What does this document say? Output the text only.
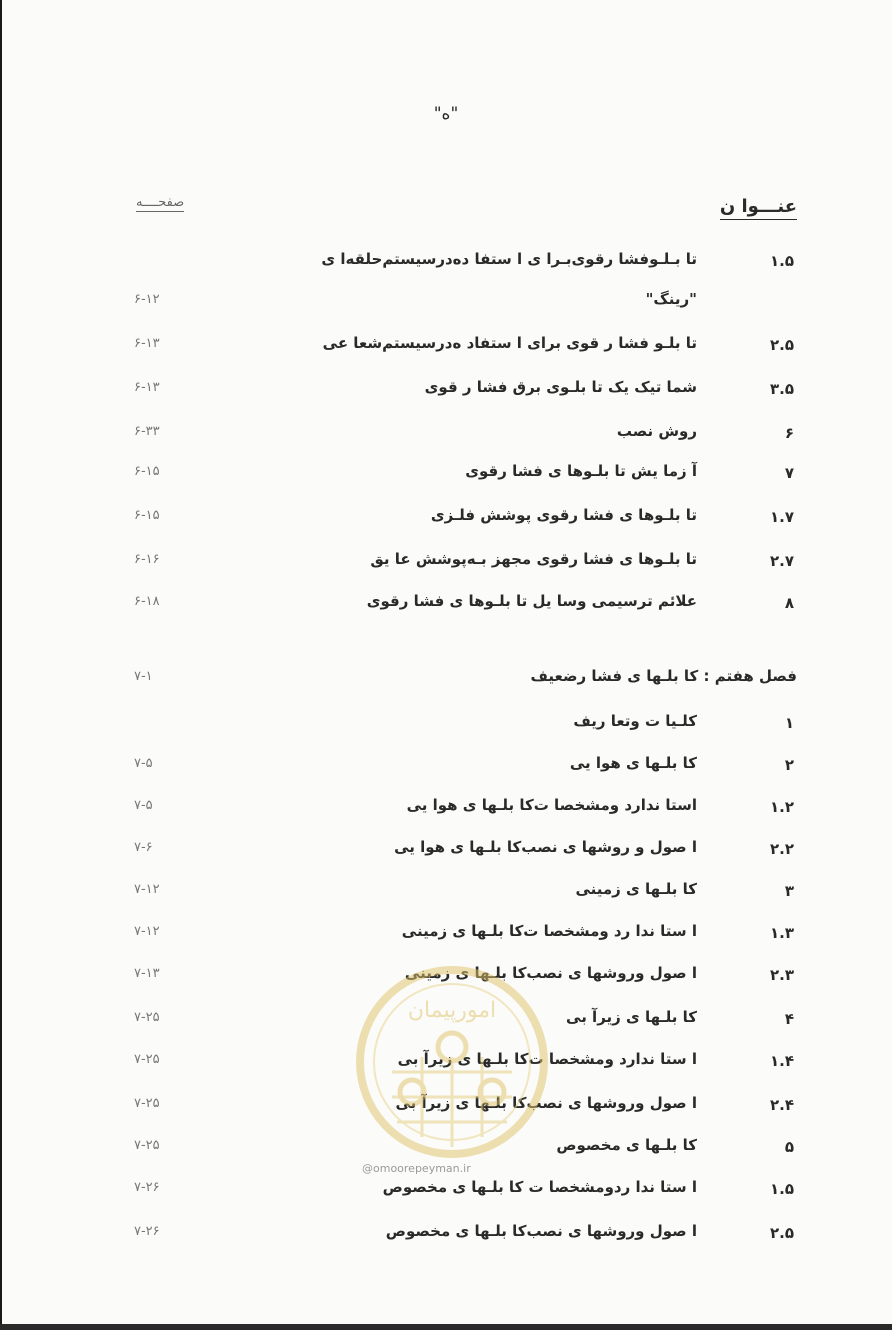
"ه"
عنـــوا ن
صفحــــه
۱.۵
تا بـلـوفشا رقوی‌بـرا ی ا ستفا ده‌درسیستم‌حلقه‌ا ی
"رینگ"
۶-۱۲
۲.۵
تا بلـو فشا ر قوی برای ا ستفاد ه‌درسیستم‌شعا عی
۶-۱۳
۳.۵
شما تیک یک تا بلـوی برق فشا ر قوی
۶-۱۳
۶
روش نصب
۶-۳۳
۷
آ زما یش تا بلـوها ی فشا رقوی
۶-۱۵
۱.۷
تا بلـوها ی فشا رقوی پوشش فلـزی
۶-۱۵
۲.۷
تا بلـوها ی فشا رقوی مجهز بـه‌پوشش عا یق
۶-۱۶
۸
علائم ترسیمی وسا یل تا بلـوها ی فشا رقوی
۶-۱۸
فصل هفتم : کا بلـها ی فشا رضعیف
۷-۱
۱
کلـیا ت وتعا ریف
۲
کا بلـها ی هوا یی
۷-۵
۱.۲
استا ندارد ومشخصا ت‌کا بلـها ی هوا یی
۷-۵
۲.۲
ا صول و روشها ی نصب‌کا بلـها ی هوا یی
۷-۶
۳
کا بلـها ی زمینی
۷-۱۲
۱.۳
ا ستا ندا رد ومشخصا ت‌کا بلـها ی زمینی
۷-۱۲
۲.۳
ا صول وروشها ی نصب‌کا بلـها ی زمینی
۷-۱۳
۴
کا بلـها ی زیرآ بی
۷-۲۵
۱.۴
ا ستا ندارد ومشخصا ت‌کا بلـها ی زیرآ بی
۷-۲۵
۲.۴
ا صول وروشها ی نصب‌کا بلـها ی زیرآ بی
۷-۲۵
۵
کا بلـها ی مخصوص
۷-۲۵
۱.۵
ا ستا ندا ردومشخصا ت کا بلـها ی مخصوص
۷-۲۶
۲.۵
ا صول وروشها ی نصب‌کا بلـها ی مخصوص
۷-۲۶
امورپیمان
@omoorepeyman.ir
